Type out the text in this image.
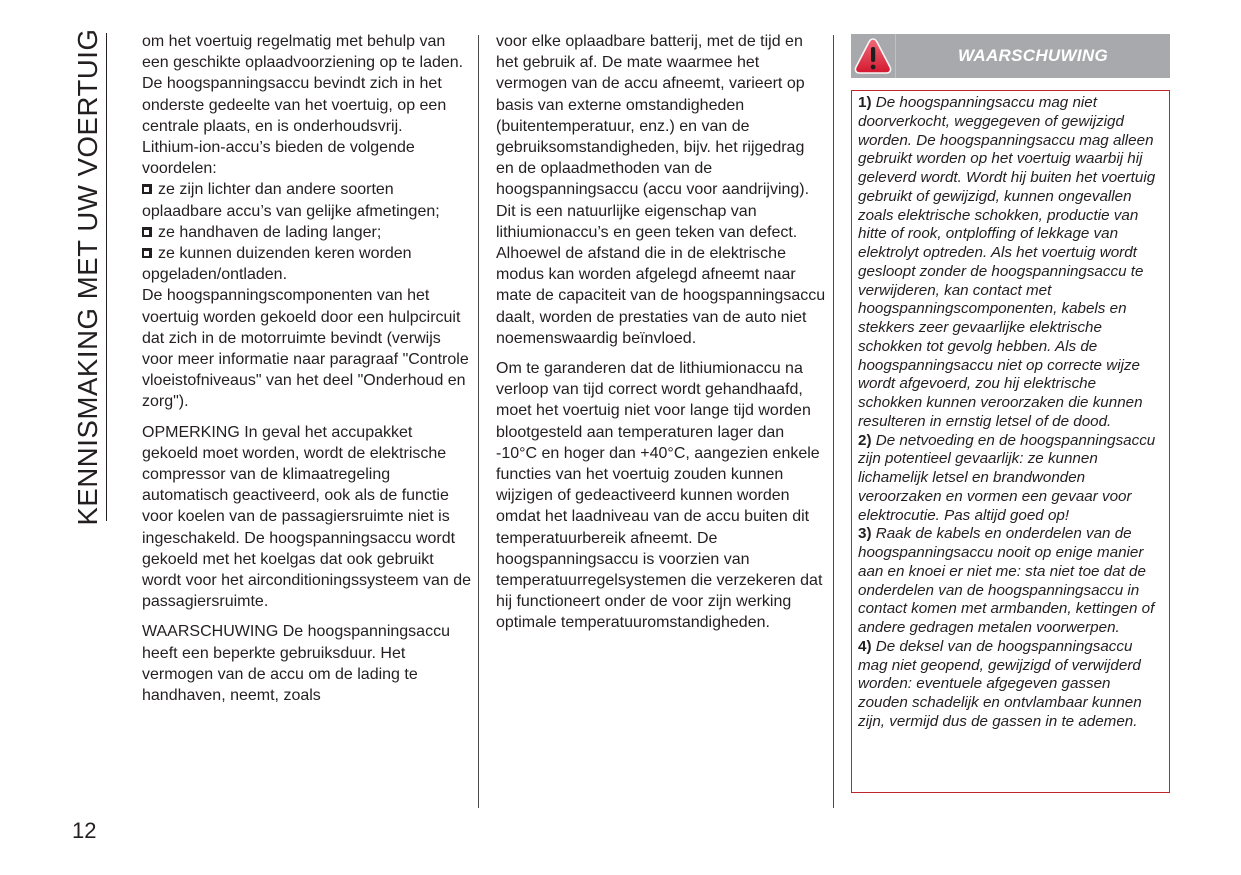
KENNISMAKING MET UW VOERTUIG om het voertuig regelmatig met behulp van een geschikte oplaadvoorziening op te laden.

De hoogspanningsaccu bevindt zich in het onderste gedeelte van het voertuig, op een centrale plaats, en is onderhoudsvrij.

Lithium-ion-accu’s bieden de volgende voordelen:

ze zijn lichter dan andere soorten oplaadbare accu’s van gelijke afmetingen;

ze handhaven de lading langer;

ze kunnen duizenden keren worden opgeladen/ontladen.

De hoogspanningscomponenten van het voertuig worden gekoeld door een hulpcircuit dat zich in de motorruimte bevindt (verwijs voor meer informatie naar paragraaf "Controle vloeistofniveaus" van het deel "Onderhoud en zorg").

OPMERKING In geval het accupakket gekoeld moet worden, wordt de elektrische compressor van de klimaatregeling automatisch geactiveerd, ook als de functie voor koelen van de passagiersruimte niet is ingeschakeld. De hoogspanningsaccu wordt gekoeld met het koelgas dat ook gebruikt wordt voor het airconditioningssysteem van de passagiersruimte.

WAARSCHUWING De hoogspanningsaccu heeft een beperkte gebruiksduur. Het vermogen van de accu om de lading te handhaven, neemt, zoals

voor elke oplaadbare batterij, met de tijd en het gebruik af. De mate waarmee het vermogen van de accu afneemt, varieert op basis van externe omstandigheden (buitentemperatuur, enz.) en van de gebruiksomstandigheden, bijv. het rijgedrag en de oplaadmethoden van de hoogspanningsaccu (accu voor aandrijving). Dit is een natuurlijke eigenschap van lithiumionaccu’s en geen teken van defect. Alhoewel de afstand die in de elektrische modus kan worden afgelegd afneemt naar mate de capaciteit van de hoogspanningsaccu daalt, worden de prestaties van de auto niet noemenswaardig beïnvloed.

Om te garanderen dat de lithiumionaccu na verloop van tijd correct wordt gehandhaafd, moet het voertuig niet voor lange tijd worden blootgesteld aan temperaturen lager dan -10°C en hoger dan +40°C, aangezien enkele functies van het voertuig zouden kunnen wijzigen of gedeactiveerd kunnen worden omdat het laadniveau van de accu buiten dit temperatuurbereik afneemt. De hoogspanningsaccu is voorzien van temperatuurregelsystemen die verzekeren dat hij functioneert onder de voor zijn werking optimale temperatuuromstandigheden.

WAARSCHUWING
1) De hoogspanningsaccu mag niet doorverkocht, weggegeven of gewijzigd worden. De hoogspanningsaccu mag alleen gebruikt worden op het voertuig waarbij hij geleverd wordt. Wordt hij buiten het voertuig gebruikt of gewijzigd, kunnen ongevallen zoals elektrische schokken, productie van hitte of rook, ontploffing of lekkage van elektrolyt optreden. Als het voertuig wordt gesloopt zonder de hoogspanningsaccu te verwijderen, kan contact met hoogspanningscomponenten, kabels en stekkers zeer gevaarlijke elektrische schokken tot gevolg hebben. Als de hoogspanningsaccu niet op correcte wijze wordt afgevoerd, zou hij elektrische schokken kunnen veroorzaken die kunnen resulteren in ernstig letsel of de dood.
2) De netvoeding en de hoogspanningsaccu zijn potentieel gevaarlijk: ze kunnen lichamelijk letsel en brandwonden veroorzaken en vormen een gevaar voor elektrocutie. Pas altijd goed op!
3) Raak de kabels en onderdelen van de hoogspanningsaccu nooit op enige manier aan en knoei er niet me: sta niet toe dat de onderdelen van de hoogspanningsaccu in contact komen met armbanden, kettingen of andere gedragen metalen voorwerpen.
4) De deksel van de hoogspanningsaccu mag niet geopend, gewijzigd of verwijderd worden: eventuele afgegeven gassen zouden schadelijk en ontvlambaar kunnen zijn, vermijd dus de gassen in te ademen.
12
